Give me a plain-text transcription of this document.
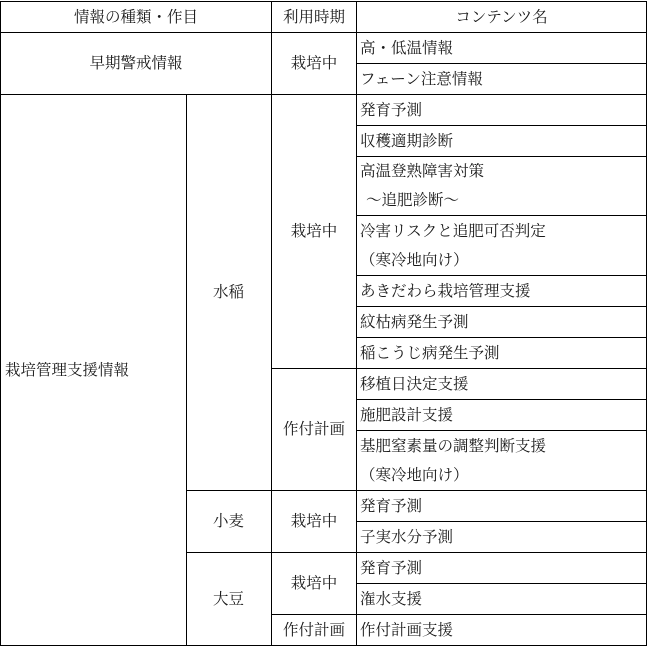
情報の種類・作目		利用時期	コンテンツ名
早期警戒情報		栽培中	高・低温情報
			フェーン注意情報
栽培管理支援情報	水稲	栽培中	発育予測
			収穫適期診断

			高温登熟障害対策
～追肥診断～

			冷害リスクと追肥可否判定
（寒冷地向け）

			あきだわら栽培管理支援
			紋枯病発生予測
			稲こうじ病発生予測
		作付計画	移植日決定支援
			施肥設計支援

			基肥窒素量の調整判断支援
（寒冷地向け）

	小麦	栽培中	発育予測
			子実水分予測
	大豆	栽培中	発育予測
			潅水支援
		作付計画	作付計画支援
